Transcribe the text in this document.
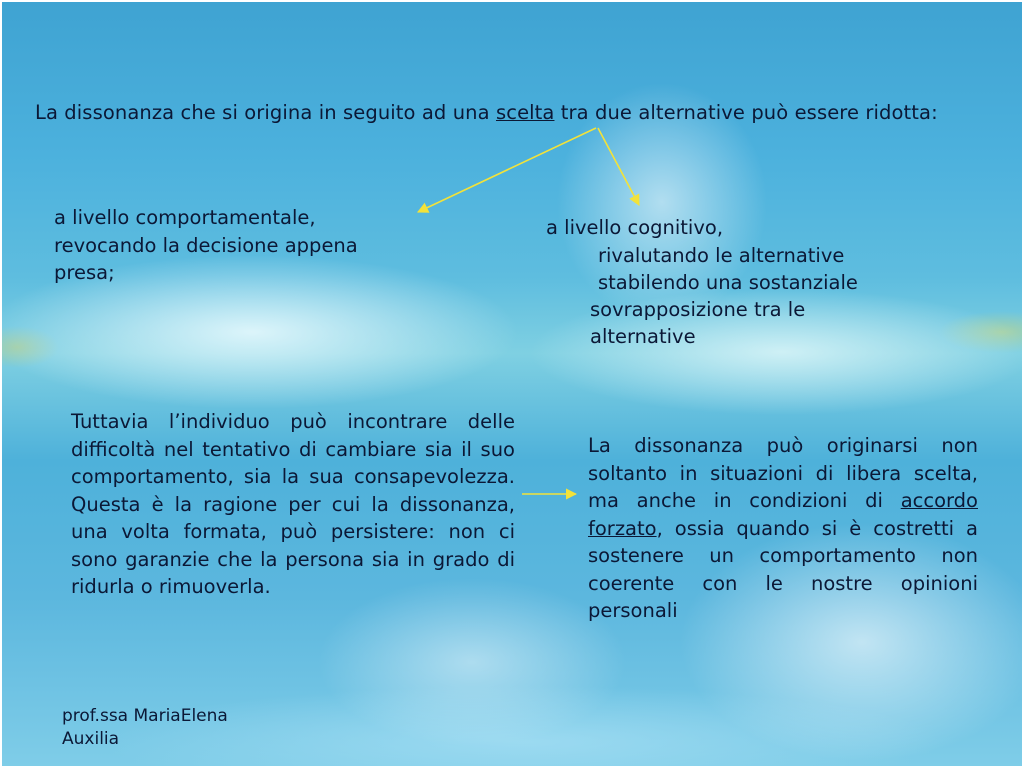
La dissonanza che si origina in seguito ad una scelta tra due alternative può essere ridotta:

a livello comportamentale, revocando la decisione appena presa;

a livello cognitivo,

rivalutando le alternative

stabilendo una sostanziale

sovrapposizione tra le

alternative

Tuttavia l’individuo può incontrare delle difficoltà nel tentativo di cambiare sia il suo comportamento, sia la sua consapevolezza. Questa è la ragione per cui la dissonanza, una volta formata, può persistere: non ci sono garanzie che la persona sia in grado di ridurla o rimuoverla.

La dissonanza può originarsi non soltanto in situazioni di libera scelta, ma anche in condizioni di accordo forzato, ossia quando si è costretti a sostenere un comportamento non coerente con le nostre opinioni personali

prof.ssa MariaElena
Auxilia
